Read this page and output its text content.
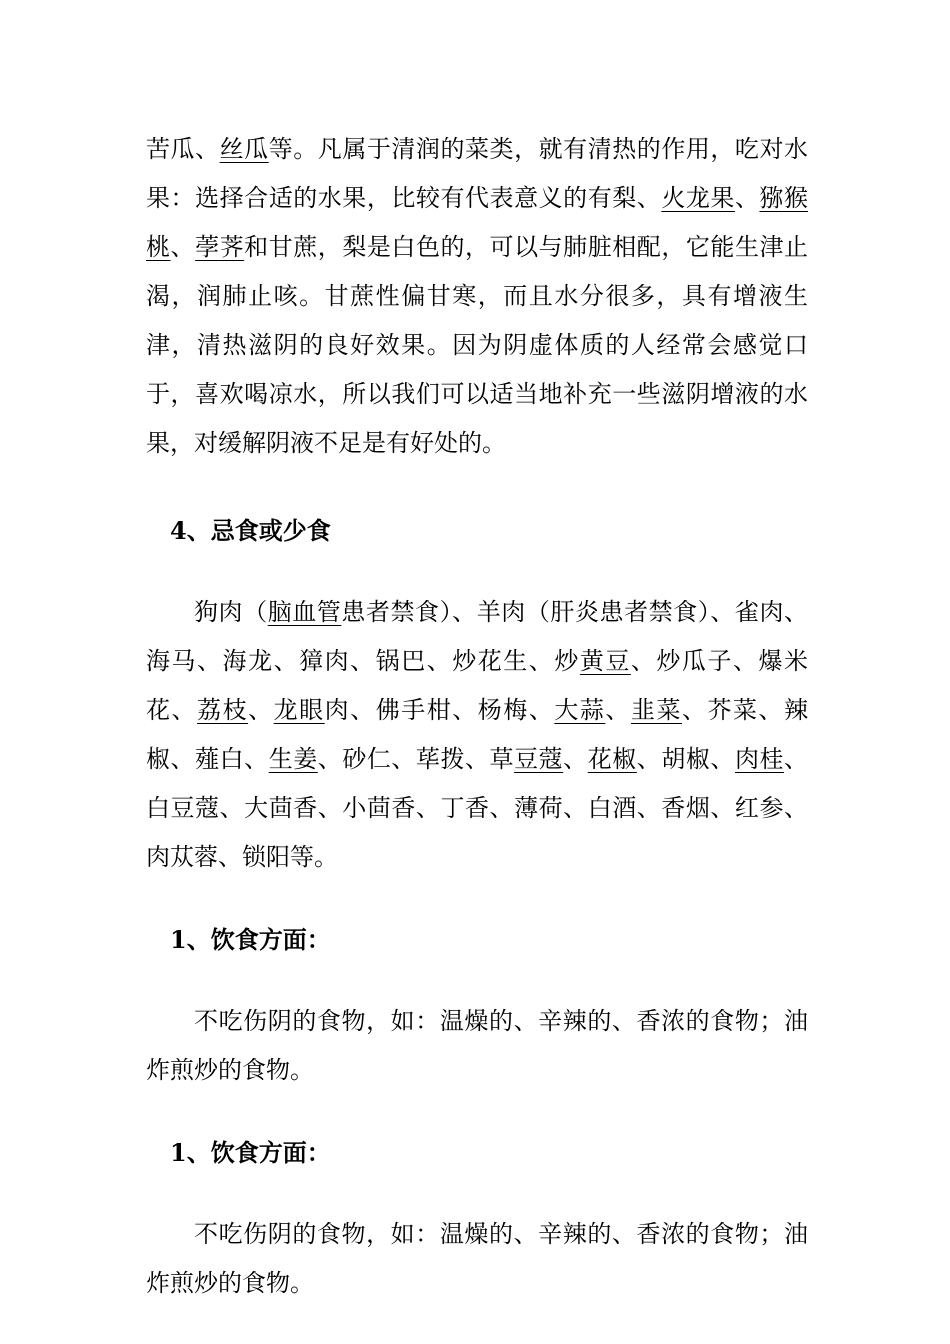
苦瓜、丝瓜等。凡属于清润的菜类，就有清热的作用，吃对水果：选择合适的水果，比较有代表意义的有梨、火龙果、猕猴桃、荸荠和甘蔗，梨是白色的，可以与肺脏相配，它能生津止渴，润肺止咳。甘蔗性偏甘寒，而且水分很多，具有增液生津，清热滋阴的良好效果。因为阴虚体质的人经常会感觉口于，喜欢喝凉水，所以我们可以适当地补充一些滋阴增液的水果，对缓解阴液不足是有好处的。

4、忌食或少食

狗肉（脑血管患者禁食）、羊肉（肝炎患者禁食）、雀肉、海马、海龙、獐肉、锅巴、炒花生、炒黄豆、炒瓜子、爆米花、荔枝、龙眼肉、佛手柑、杨梅、大蒜、韭菜、芥菜、辣椒、薤白、生姜、砂仁、荜拨、草豆蔻、花椒、胡椒、肉桂、白豆蔻、大茴香、小茴香、丁香、薄荷、白酒、香烟、红参、肉苁蓉、锁阳等。

1、饮食方面：

不吃伤阴的食物，如：温燥的、辛辣的、香浓的食物；油炸煎炒的食物。

1、饮食方面：

不吃伤阴的食物，如：温燥的、辛辣的、香浓的食物；油炸煎炒的食物。
